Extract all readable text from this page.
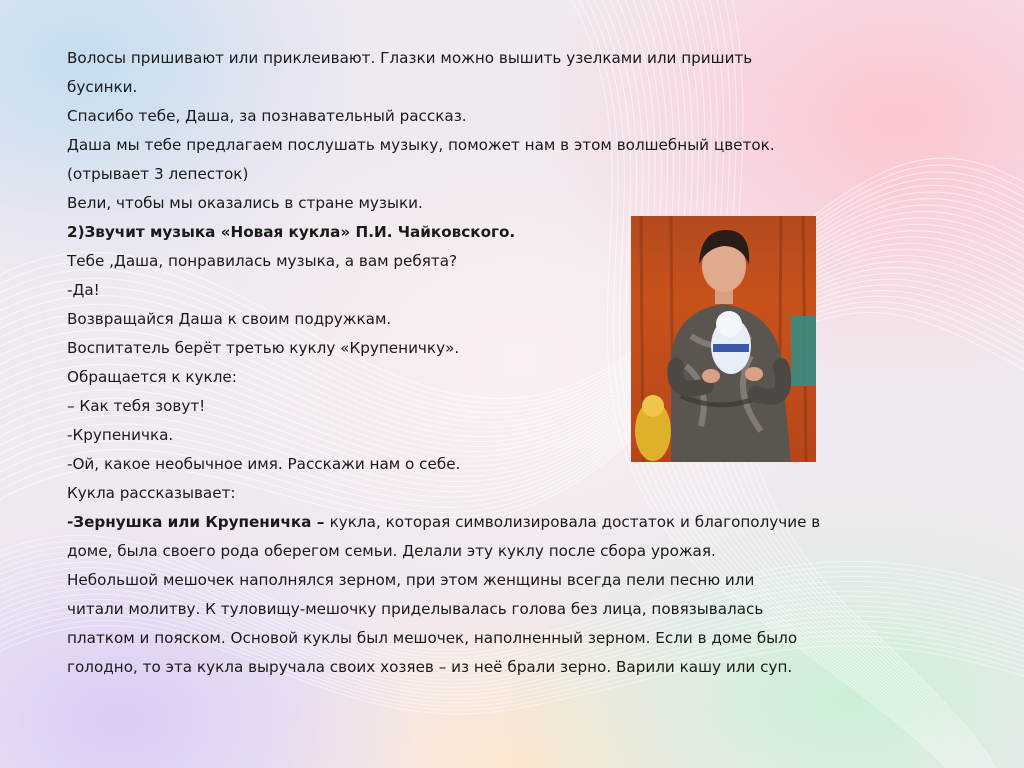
Волосы пришивают или приклеивают. Глазки можно вышить узелками или пришить
бусинки.
Спасибо тебе, Даша, за познавательный рассказ.
Даша мы тебе предлагаем послушать музыку, поможет нам в этом волшебный цветок.
(отрывает 3 лепесток)
Вели, чтобы мы оказались в стране музыки.
2)Звучит музыка «Новая кукла» П.И. Чайковского.
Тебе ,Даша, понравилась музыка, а вам ребята?
-Да!
Возвращайся Даша к своим подружкам.
Воспитатель берёт третью куклу «Крупеничку».
Обращается к кукле:
– Как тебя зовут!
-Крупеничка.
-Ой, какое необычное имя. Расскажи нам о себе.
Кукла рассказывает:
-Зернушка или Крупеничка – кукла, которая символизировала достаток и благополучие в
доме, была своего рода оберегом семьи. Делали эту куклу после сбора урожая.
Небольшой мешочек наполнялся зерном, при этом женщины всегда пели песню или
читали молитву. К туловищу-мешочку приделывалась голова без лица, повязывалась
платком и пояском. Основой куклы был мешочек, наполненный зерном. Если в доме было
голодно, то эта кукла выручала своих хозяев – из неё брали зерно. Варили кашу или суп.
